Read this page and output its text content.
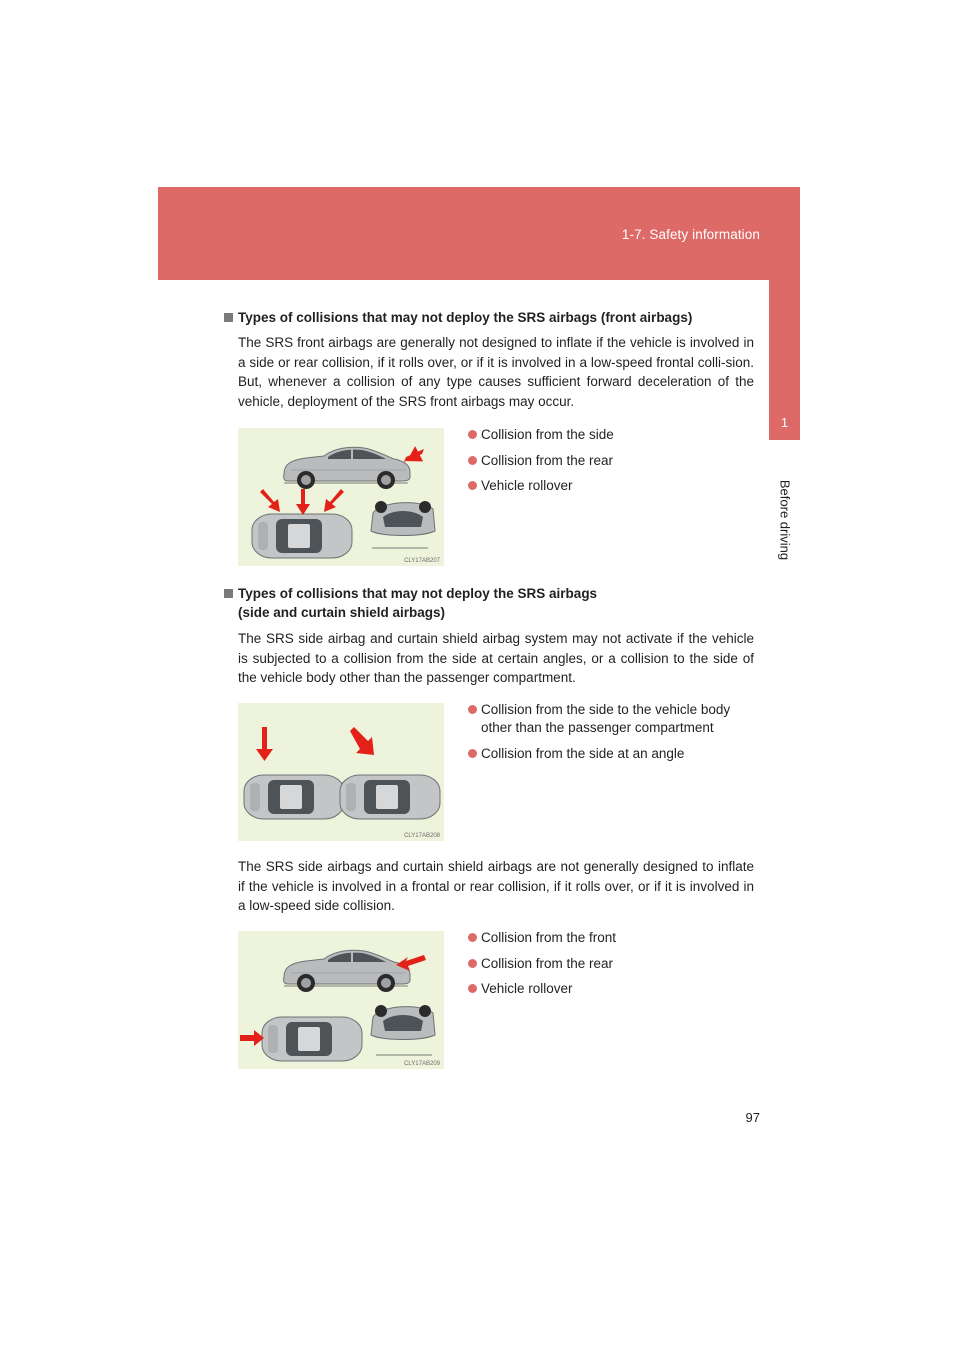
1-7. Safety information
1
Before driving
Types of collisions that may not deploy the SRS airbags (front airbags)
The SRS front airbags are generally not designed to inflate if the vehicle is involved in a side or rear collision, if it rolls over, or if it is involved in a low-speed frontal colli-sion. But, whenever a collision of any type causes sufficient forward deceleration of the vehicle, deployment of the SRS front airbags may occur.
CLY17AB207
Collision from the side
Collision from the rear
Vehicle rollover
Types of collisions that may not deploy the SRS airbags
(side and curtain shield airbags)
The SRS side airbag and curtain shield airbag system may not activate if the vehicle is subjected to a collision from the side at certain angles, or a collision to the side of the vehicle body other than the passenger compartment.
CLY17AB208
Collision from the side to the vehicle body other than the passenger compartment
Collision from the side at an angle
The SRS side airbags and curtain shield airbags are not generally designed to inflate if the vehicle is involved in a frontal or rear collision, if it rolls over, or if it is involved in a low-speed side collision.
CLY17AB209
Collision from the front
Collision from the rear
Vehicle rollover
97
